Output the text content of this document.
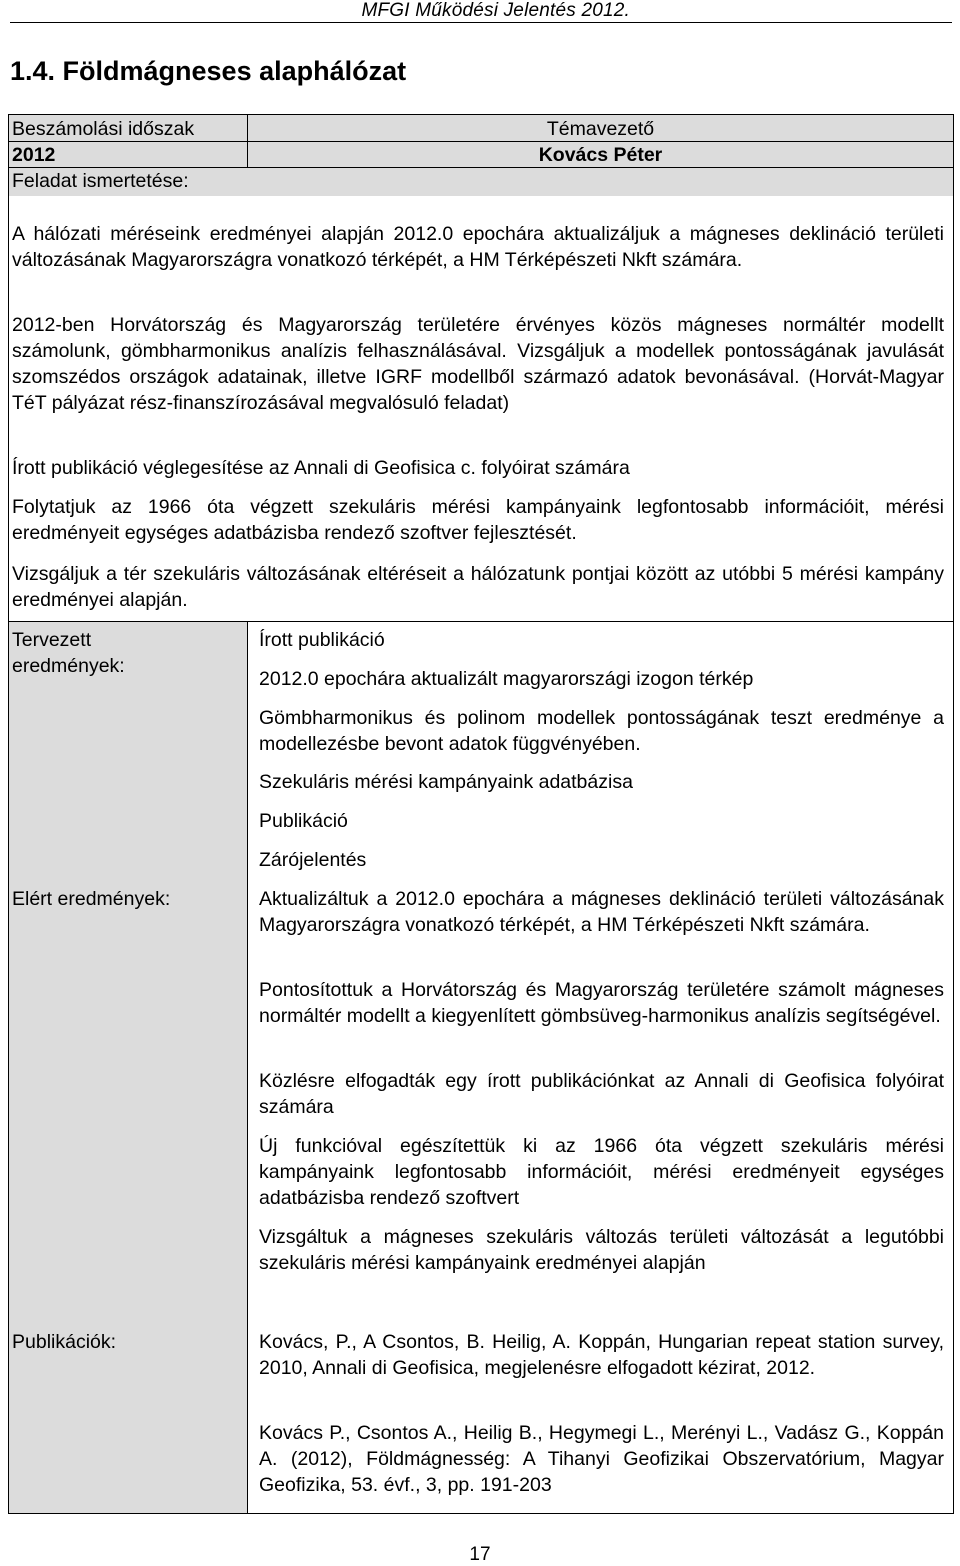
MFGI Működési Jelentés 2012.
1.4. Földmágneses alaphálózat
Beszámolási időszak
2012
Témavezető
Kovács Péter
Feladat ismertetése:
A hálózati méréseink eredményei alapján 2012.0 epochára aktualizáljuk a mágneses deklináció területi változásának Magyarországra vonatkozó térképét, a HM Térképészeti Nkft számára.
2012-ben Horvátország és Magyarország területére érvényes közös mágneses normáltér modellt számolunk, gömbharmonikus analízis felhasználásával. Vizsgáljuk a modellek pontosságának javulását szomszédos országok adatainak, illetve IGRF modellből származó adatok bevonásával. (Horvát-Magyar TéT pályázat rész-finanszírozásával megvalósuló feladat)
Írott publikáció véglegesítése az Annali di Geofisica c. folyóirat számára
Folytatjuk az 1966 óta végzett szekuláris mérési kampányaink legfontosabb információit, mérési eredményeit egységes adatbázisba rendező szoftver fejlesztését.
Vizsgáljuk a tér szekuláris változásának eltéréseit a hálózatunk pontjai között az utóbbi 5 mérési kampány eredményei alapján.
Tervezett eredmények:
Írott publikáció
2012.0 epochára aktualizált magyarországi izogon térkép
Gömbharmonikus és polinom modellek pontosságának teszt eredménye a modellezésbe bevont adatok függvényében.
Szekuláris mérési kampányaink adatbázisa
Publikáció
Zárójelentés
Elért eredmények:	Aktualizáltuk a 2012.0 epochára a mágneses deklináció területi változásának Magyarországra vonatkozó térképét, a HM Térképészeti Nkft számára.
Pontosítottuk a Horvátország és Magyarország területére számolt mágneses normáltér modellt a kiegyenlített gömbsüveg-harmonikus analízis segítségével.
Közlésre elfogadták egy írott publikációnkat az Annali di Geofisica folyóirat számára
Új funkcióval egészítettük ki az 1966 óta végzett szekuláris mérési kampányaink legfontosabb információit, mérési eredményeit egységes adatbázisba rendező szoftvert
Vizsgáltuk a mágneses szekuláris változás területi változását a legutóbbi szekuláris mérési kampányaink eredményei alapján
Publikációk:	Kovács, P., A Csontos, B. Heilig, A. Koppán, Hungarian repeat station survey, 2010, Annali di Geofisica, megjelenésre elfogadott kézirat, 2012.
Kovács P., Csontos A., Heilig B., Hegymegi L., Merényi L., Vadász G., Koppán A. (2012), Földmágnesség: A Tihanyi Geofizikai Obszervatórium, Magyar Geofizika, 53. évf., 3, pp. 191-203
17
